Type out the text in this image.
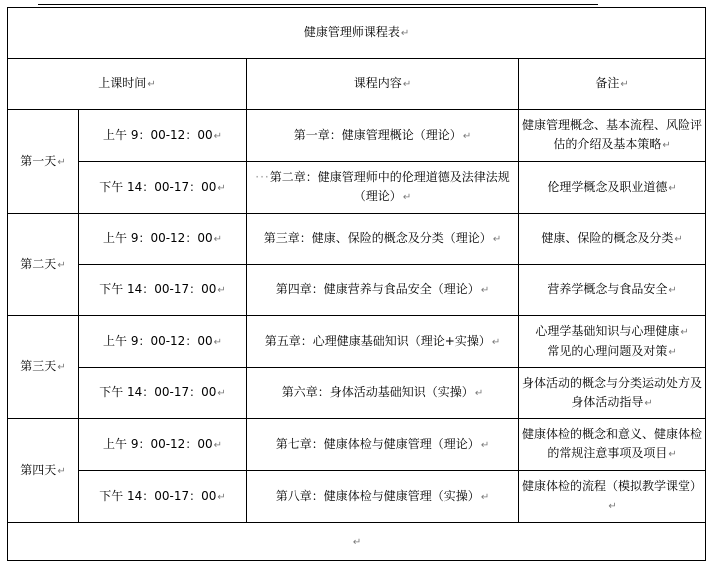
健康管理师课程表↵			
上课时间↵		课程内容↵	备注↵
第一天↵	上午 9：00-12：00↵	第一章：健康管理概论（理论）↵	健康管理概念、基本流程、风险评
估的介绍及基本策略↵

	下午 14：00-17：00↵	···第二章：健康管理师中的伦理道德及法律法规
（理论）↵	伦理学概念及职业道德↵
第二天↵	上午 9：00-12：00↵	第三章：健康、保险的概念及分类（理论）↵	健康、保险的概念及分类↵
	下午 14：00-17：00↵	第四章：健康营养与食品安全（理论）↵	营养学概念与食品安全↵
第三天↵	上午 9：00-12：00↵	第五章：心理健康基础知识（理论+实操）↵	心理学基础知识与心理健康↵
常见的心理问题及对策↵

	下午 14：00-17：00↵	第六章：身体活动基础知识（实操）↵	身体活动的概念与分类运动处方及
身体活动指导↵

第四天↵	上午 9：00-12：00↵	第七章：健康体检与健康管理（理论）↵	健康体检的概念和意义、健康体检
的常规注意事项及项目↵

	下午 14：00-17：00↵	第八章：健康体检与健康管理（实操）↵	健康体检的流程（模拟教学课堂）↵
↵			
